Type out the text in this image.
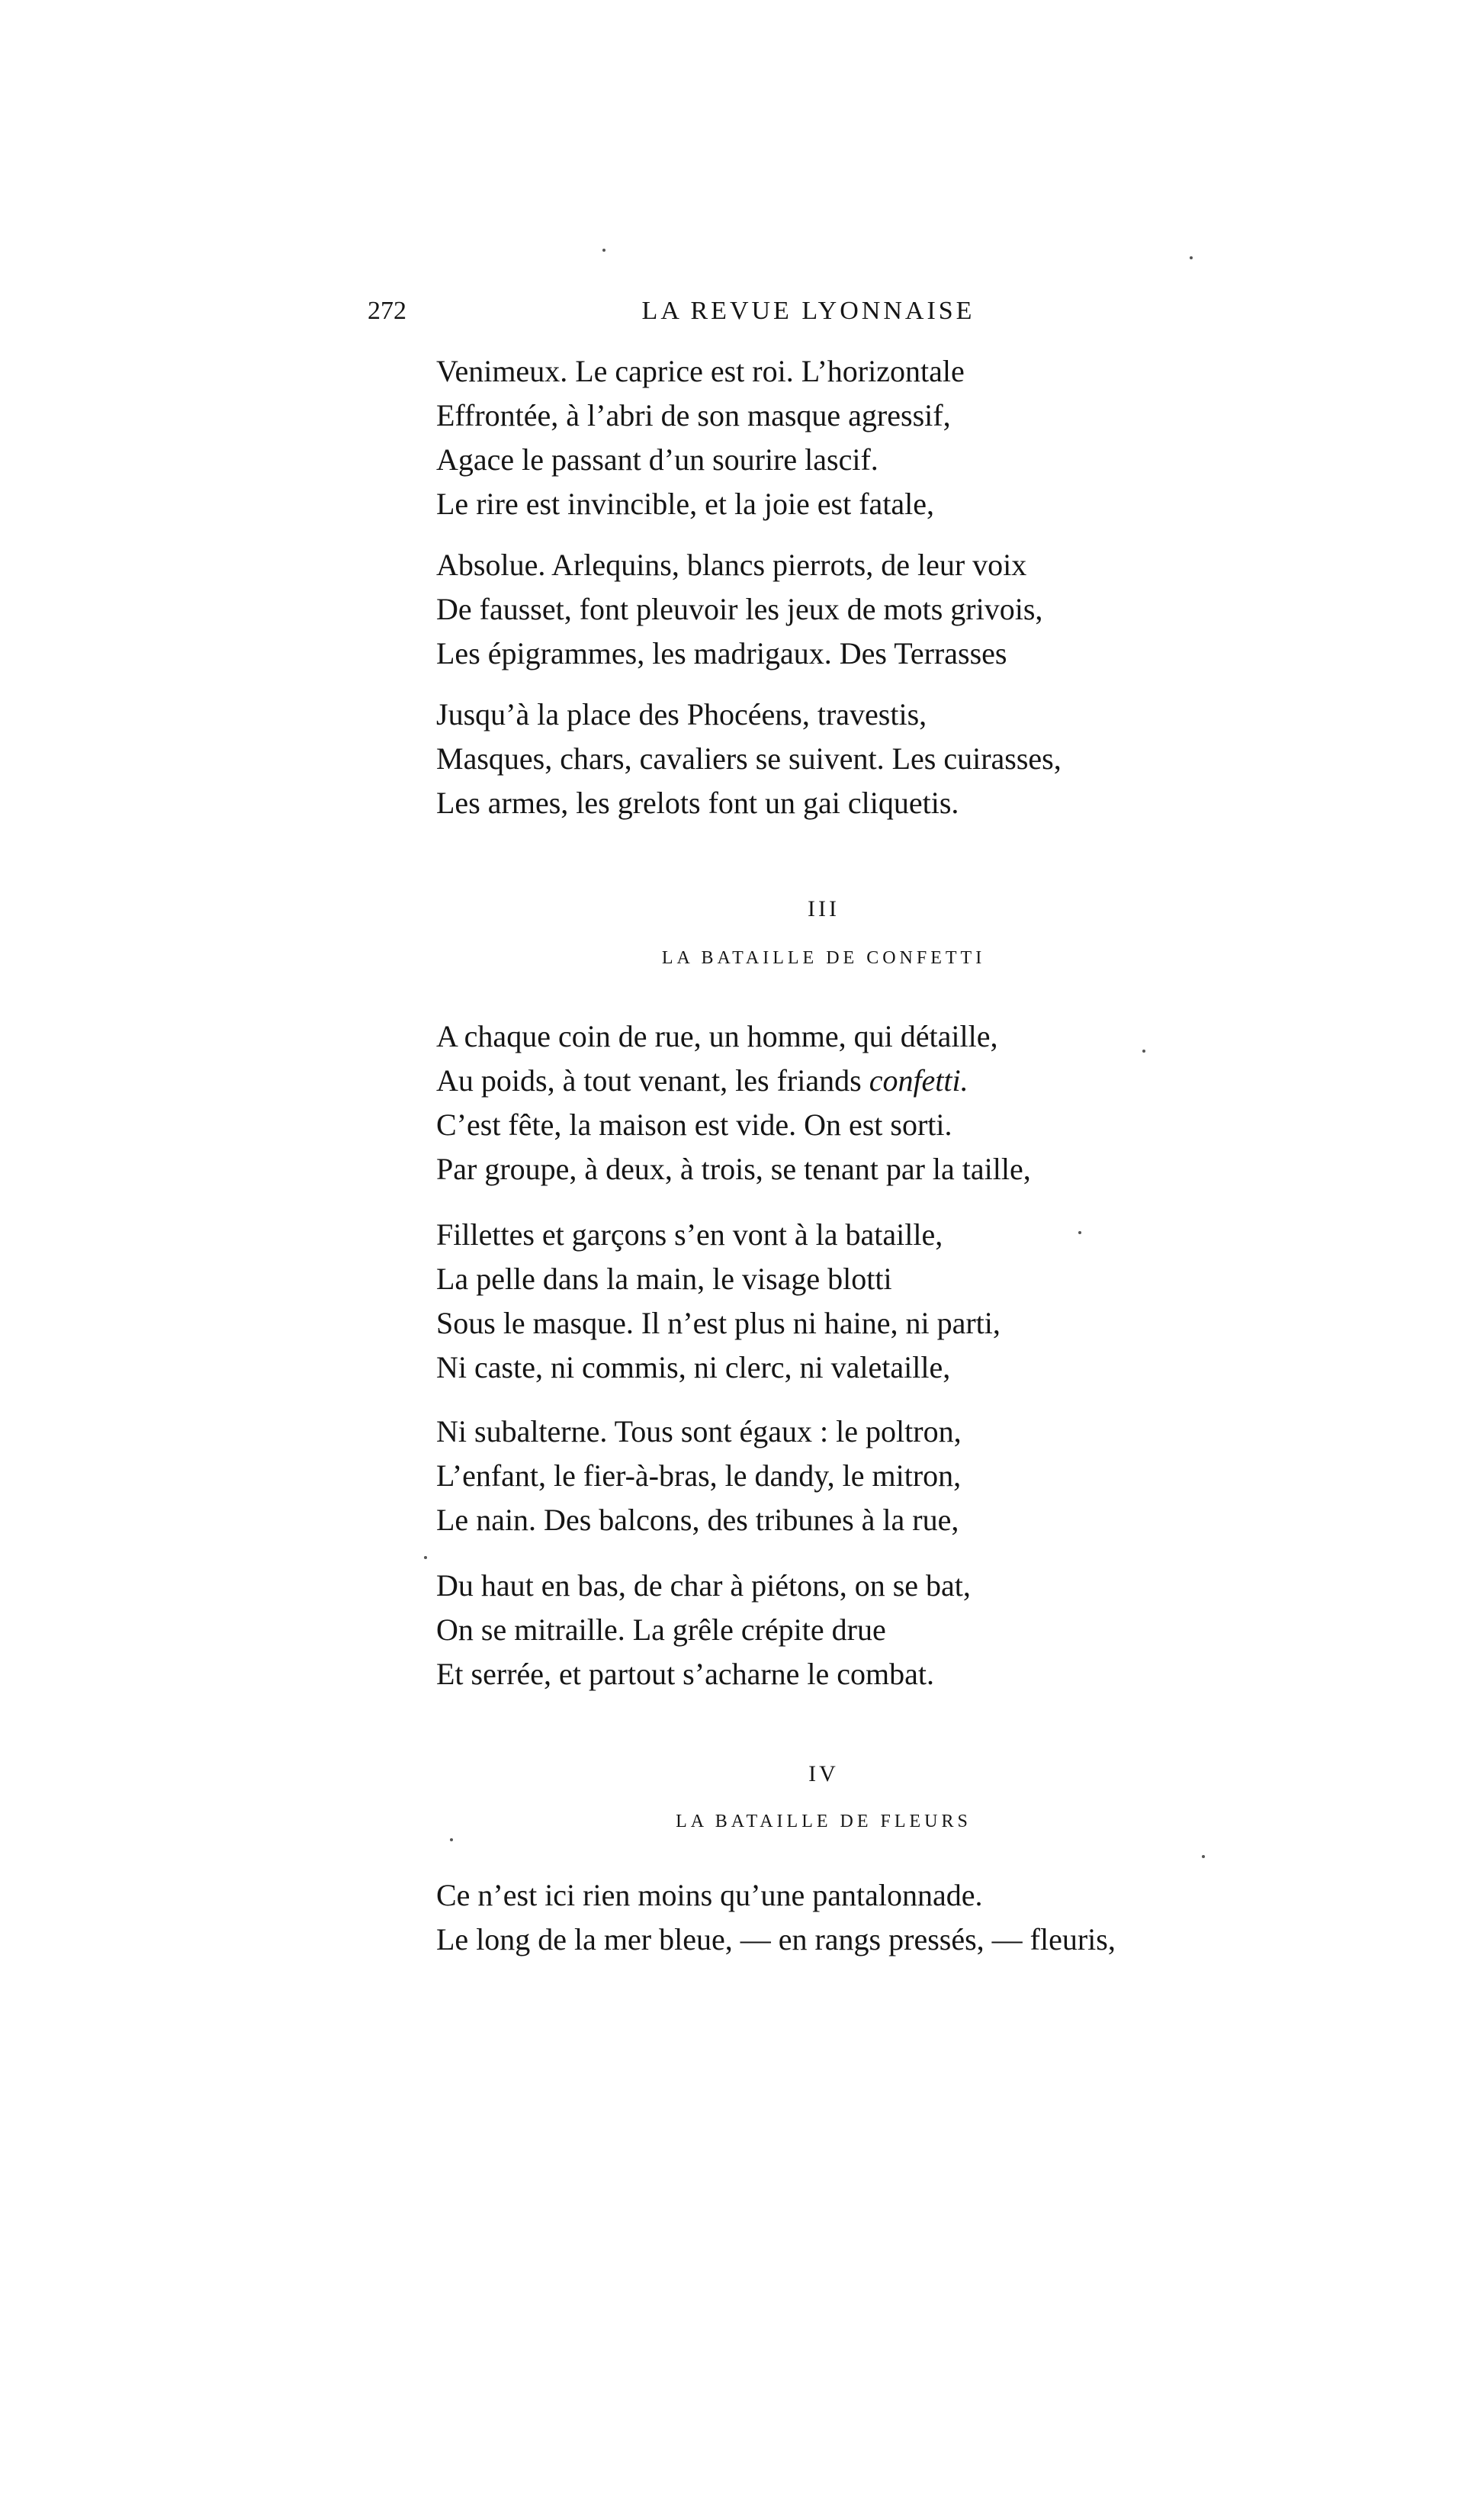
272	LA REVUE LYONNAISE
Venimeux. Le caprice est roi. L’horizontale
Effrontée, à l’abri de son masque agressif,
Agace le passant d’un sourire lascif.
Le rire est invincible, et la joie est fatale,
Absolue. Arlequins, blancs pierrots, de leur voix
De fausset, font pleuvoir les jeux de mots grivois,
Les épigrammes, les madrigaux. Des Terrasses
Jusqu’à la place des Phocéens, travestis,
Masques, chars, cavaliers se suivent. Les cuirasses,
Les armes, les grelots font un gai cliquetis.
III
LA BATAILLE DE CONFETTI
A chaque coin de rue, un homme, qui détaille,
Au poids, à tout venant, les friands confetti.
C’est fête, la maison est vide. On est sorti.
Par groupe, à deux, à trois, se tenant par la taille,
Fillettes et garçons s’en vont à la bataille,
La pelle dans la main, le visage blotti
Sous le masque. Il n’est plus ni haine, ni parti,
Ni caste, ni commis, ni clerc, ni valetaille,
Ni subalterne. Tous sont égaux : le poltron,
L’enfant, le fier-à-bras, le dandy, le mitron,
Le nain. Des balcons, des tribunes à la rue,
Du haut en bas, de char à piétons, on se bat,
On se mitraille. La grêle crépite drue
Et serrée, et partout s’acharne le combat.
IV
LA BATAILLE DE FLEURS
Ce n’est ici rien moins qu’une pantalonnade.
Le long de la mer bleue, — en rangs pressés, — fleuris,
